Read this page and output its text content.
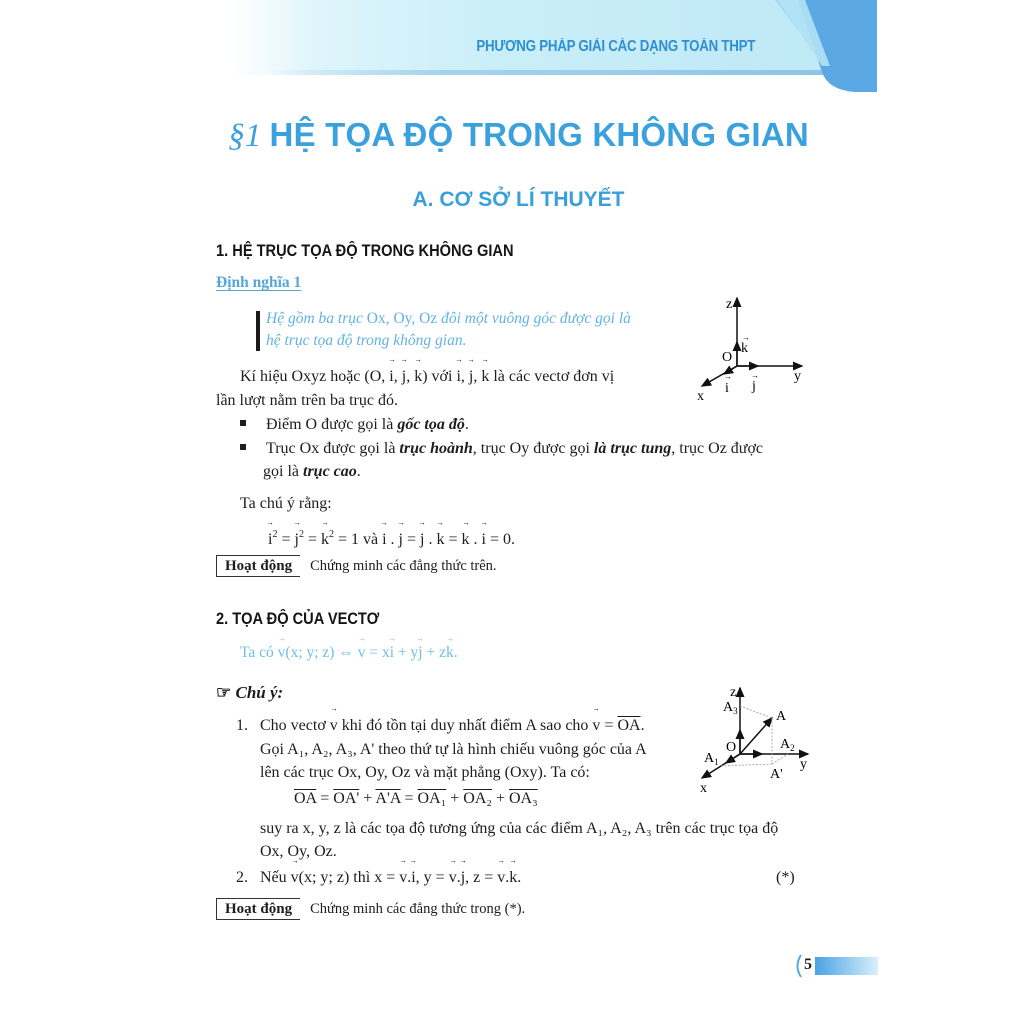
PHƯƠNG PHÁP GIẢI CÁC DẠNG TOÁN THPT
§1 HỆ TỌA ĐỘ TRONG KHÔNG GIAN
A. CƠ SỞ LÍ THUYẾT
1. HỆ TRỤC TỌA ĐỘ TRONG KHÔNG GIAN
Định nghĩa 1
Hệ gồm ba trục Ox, Oy, Oz đôi một vuông góc được gọi là
hệ trục tọa độ trong không gian.
z
k
O
y
x
i j
→
→ →
Kí hiệu Oxyz hoặc (O, → i, → j, → k) với → i, → j, → k là các vectơ đơn vị
lần lượt nằm trên ba trục đó.
Điểm O được gọi là gốc tọa độ.
Trục Ox được gọi là trục hoành, trục Oy được gọi là trục tung, trục Oz được
gọi là trục cao.
Ta chú ý rằng:
→ $i^2$ = → $j^2$ = → $k^2 = 1$ và → i . → j = → j . → k = → k . → i = 0.
Hoạt động Chứng minh các đẳng thức trên.
2. TỌA ĐỘ CỦA VECTƠ
Ta có → v(x; y; z) ⇔ → v = x→ i + y→ j + z→ k.
☞ Chú ý:	z
$A_3$	A
O	$A_2$
$A_1$	y
A'
x
1. Cho vectơ → v khi đó tồn tại duy nhất điểm A sao cho → $v = \overline{OA}$.
Gọi A₁, A₂, A₃, A' theo thứ tự là hình chiếu vuông góc của A
lên các trục Ox, Oy, Oz và mặt phẳng (Oxy). Ta có:
$\overline{OA} = OA' + A'A = OA_1 + OA_2 + OA_3$
suy ra x, y, z là các tọa độ tương ứng của các điểm A₁, A₂, A₃ trên các trục tọa độ
Ox, Oy, Oz.
2. Nếu → v(x; y; z) thì x = → v.→ i, y = → v.→ j, z = → v.→ k.	(*)
Hoạt động Chứng minh các đẳng thức trong (*).
5
